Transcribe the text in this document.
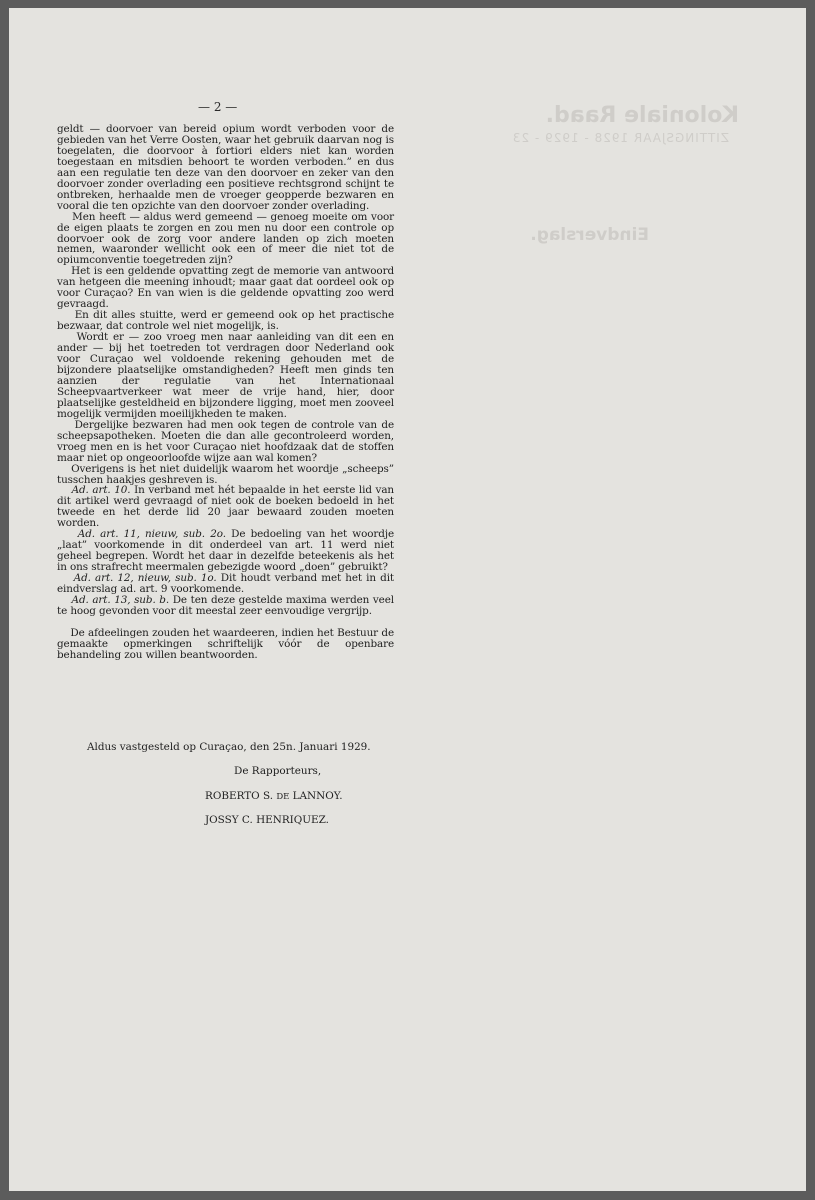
Koloniale Raad.
ZITTINGSJAAR 1928 - 1929 - 23
Eindverslag.
— 2 —

geldt — doorvoer van bereid opium wordt verboden voor de gebieden van het Verre Oosten, waar het gebruik daarvan nog is toegelaten, die doorvoor à fortiori elders niet kan worden toegestaan en mitsdien behoort te worden verboden.” en dus aan een regulatie ten deze van den doorvoer en zeker van den doorvoer zonder overlading een positieve rechtsgrond schijnt te ontbreken, herhaalde men de vroeger geopperde bezwaren en vooral die ten opzichte van den doorvoer zonder overlading.

Men heeft — aldus werd gemeend — genoeg moeite om voor de eigen plaats te zorgen en zou men nu door een controle op doorvoer ook de zorg voor andere landen op zich moeten nemen, waaronder wellicht ook een of meer die niet tot de opiumconventie toegetreden zijn?

Het is een geldende opvatting zegt de memorie van antwoord van hetgeen die meening inhoudt; maar gaat dat oordeel ook op voor Curaçao? En van wien is die geldende opvatting zoo werd gevraagd.

En dit alles stuitte, werd er gemeend ook op het practische bezwaar, dat controle wel niet mogelijk, is.

Wordt er — zoo vroeg men naar aanleiding van dit een en ander — bij het toetreden tot verdragen door Nederland ook voor Curaçao wel voldoende rekening gehouden met de bijzondere plaatselijke omstandigheden? Heeft men ginds ten aanzien der regulatie van het Internationaal Scheepvaartverkeer wat meer de vrije hand, hier, door plaatselijke gesteldheid en bijzondere ligging, moet men zooveel mogelijk vermijden moeilijkheden te maken.

Dergelijke bezwaren had men ook tegen de controle van de scheepsapotheken. Moeten die dan alle gecontroleerd worden, vroeg men en is het voor Curaçao niet hoofdzaak dat de stoffen maar niet op ongeoorloofde wijze aan wal komen?

Overigens is het niet duidelijk waarom het woordje „scheeps” tusschen haakjes geshreven is.

Ad. art. 10. In verband met hét bepaalde in het eerste lid van dit artikel werd gevraagd of niet ook de boeken bedoeld in het tweede en het derde lid 20 jaar bewaard zouden moeten worden.

Ad. art. 11, nieuw, sub. 2o. De bedoeling van het woordje „laat” voorkomende in dit onderdeel van art. 11 werd niet geheel begrepen. Wordt het daar in dezelfde beteekenis als het in ons strafrecht meermalen gebezigde woord „doen” gebruikt?

Ad. art. 12, nieuw, sub. 1o. Dit houdt verband met het in dit eindverslag ad. art. 9 voorkomende.

Ad. art. 13, sub. b. De ten deze gestelde maxima werden veel te hoog gevonden voor dit meestal zeer eenvoudige vergrijp.

De afdeelingen zouden het waardeeren, indien het Bestuur de gemaakte opmerkingen schriftelijk vóór de openbare behandeling zou willen beantwoorden.

Aldus vastgesteld op Curaçao, den 25n. Januari 1929.
De Rapporteurs,
ROBERTO S. DE LANNOY.
JOSSY C. HENRIQUEZ.
